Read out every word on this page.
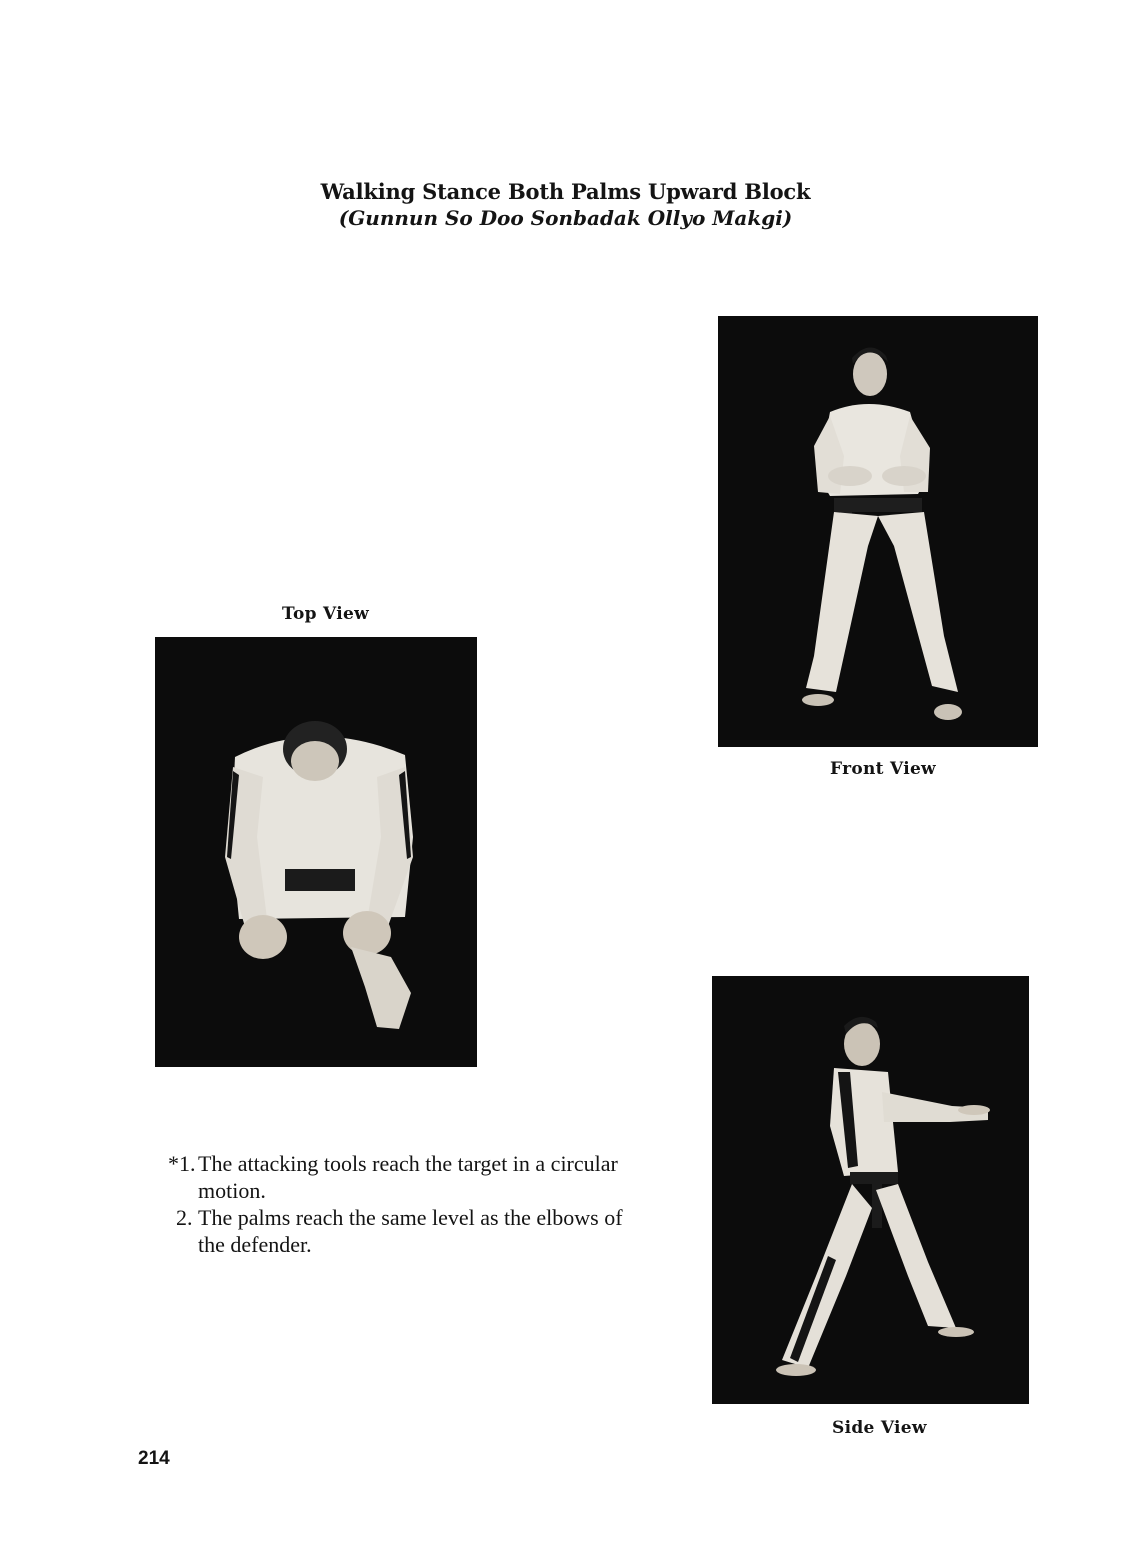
Walking Stance Both Palms Upward Block
(Gunnun So Doo Sonbadak Ollyo Makgi)
Front View
Top View
Side View
*1. The attacking tools reach the target in a circular motion.
2. The palms reach the same level as the elbows of the defender.
214
